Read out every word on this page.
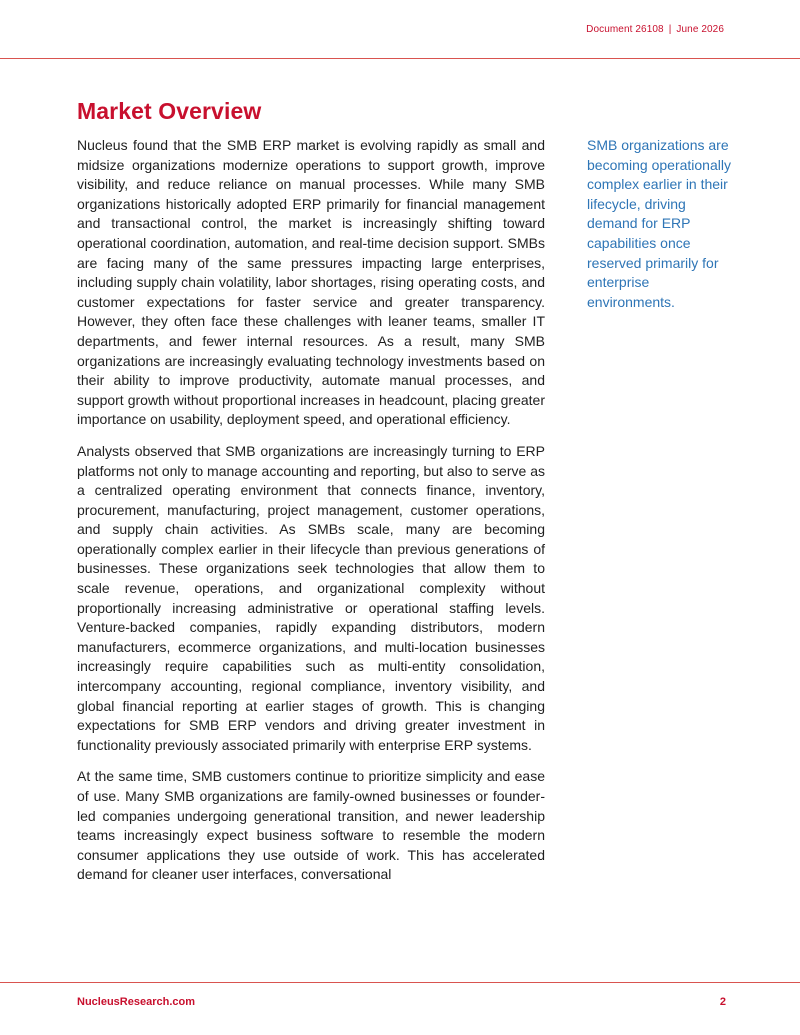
Document 26108 | June 2026
Market Overview

Nucleus found that the SMB ERP market is evolving rapidly as small and midsize organizations modernize operations to support growth, improve visibility, and reduce reliance on manual processes. While many SMB organizations historically adopted ERP primarily for financial management and transactional control, the market is increasingly shifting toward operational coordination, automation, and real-time decision support. SMBs are facing many of the same pressures impacting large enterprises, including supply chain volatility, labor shortages, rising operating costs, and customer expectations for faster service and greater transparency. However, they often face these challenges with leaner teams, smaller IT departments, and fewer internal resources. As a result, many SMB organizations are increasingly evaluating technology investments based on their ability to improve productivity, automate manual processes, and support growth without proportional increases in headcount, placing greater importance on usability, deployment speed, and operational efficiency.

Analysts observed that SMB organizations are increasingly turning to ERP platforms not only to manage accounting and reporting, but also to serve as a centralized operating environment that connects finance, inventory, procurement, manufacturing, project management, customer operations, and supply chain activities. As SMBs scale, many are becoming operationally complex earlier in their lifecycle than previous generations of businesses. These organizations seek technologies that allow them to scale revenue, operations, and organizational complexity without proportionally increasing administrative or operational staffing levels. Venture-backed companies, rapidly expanding distributors, modern manufacturers, ecommerce organizations, and multi-location businesses increasingly require capabilities such as multi-entity consolidation, intercompany accounting, regional compliance, inventory visibility, and global financial reporting at earlier stages of growth. This is changing expectations for SMB ERP vendors and driving greater investment in functionality previously associated primarily with enterprise ERP systems.

At the same time, SMB customers continue to prioritize simplicity and ease of use. Many SMB organizations are family-owned businesses or founder-led companies undergoing generational transition, and newer leadership teams increasingly expect business software to resemble the modern consumer applications they use outside of work. This has accelerated demand for cleaner user interfaces, conversational

SMB organizations are becoming operationally complex earlier in their lifecycle, driving demand for ERP capabilities once reserved primarily for enterprise environments.
NucleusResearch.com	2
